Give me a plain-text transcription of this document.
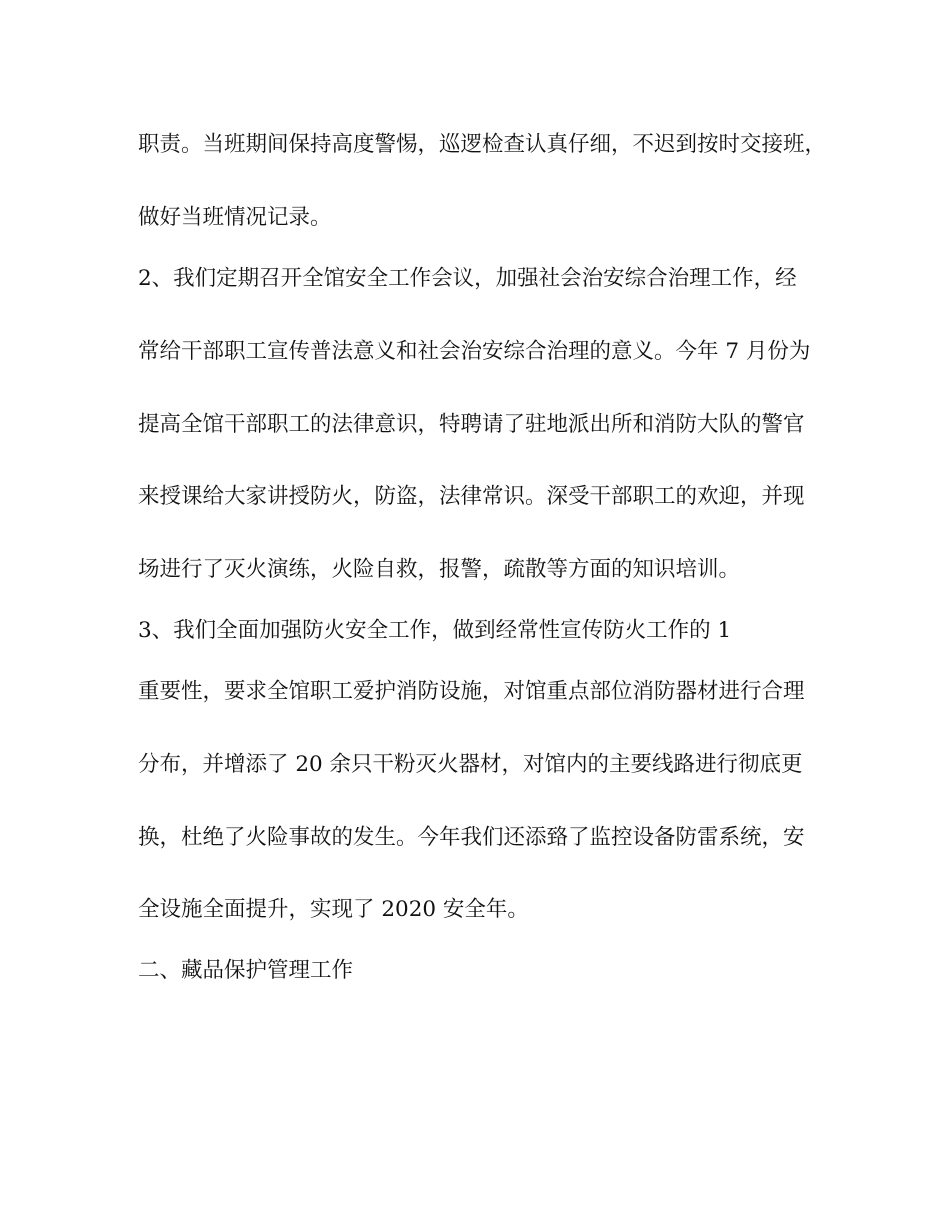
职责。当班期间保持高度警惕，巡逻检查认真仔细，不迟到按时交接班，

做好当班情况记录。

2、我们定期召开全馆安全工作会议，加强社会治安综合治理工作，经

常给干部职工宣传普法意义和社会治安综合治理的意义。今年 7 月份为

提高全馆干部职工的法律意识，特聘请了驻地派出所和消防大队的警官

来授课给大家讲授防火，防盗，法律常识。深受干部职工的欢迎，并现

场进行了灭火演练，火险自救，报警，疏散等方面的知识培训。

3、我们全面加强防火安全工作，做到经常性宣传防火工作的 1

重要性，要求全馆职工爱护消防设施，对馆重点部位消防器材进行合理

分布，并增添了 20 余只干粉灭火器材，对馆内的主要线路进行彻底更

换，杜绝了火险事故的发生。今年我们还添臵了监控设备防雷系统，安

全设施全面提升，实现了 2020 安全年。

二、藏品保护管理工作
